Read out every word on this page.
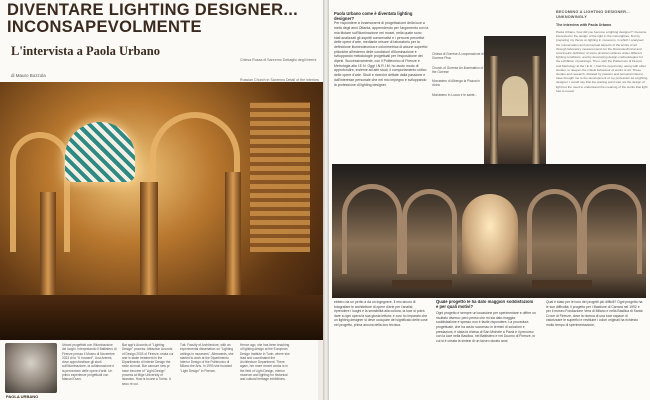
DIVENTARE LIGHTING DESIGNER...
INCONSAPEVOLMENTE
L'intervista a Paola Urbano
di Mauro Bozzola
Chiesa Russa di Sanremo Dettaglio degli interni
Russian Church in Sanremo Detail of the interiors
PAOLA URBANO
Urbani progettisti con l'illuminazione dei luoghi. Interpretando il Battistero di Firenze presso il Museo di Novembre 2023 di la "It. forward". Una Anteris, dove approfondisce gli studi sull'illuminazione, la collaborazione e la percezione delle opere d'arte. Un primo esperienze progettuali con Manuel Dunn.
Bar app's Accords of "Lighting Design" process: Attraction Accords of Design 2003 of Firenze, reaka cur and in stake treatment in the Dipartimento di Interior Design the sede at most. Bar cancure new pr have become of "Light Design" process at Mige University of Islandon. How is boune a Torino. It seou re cui.
Tutt. Faculty of Architecture, with an experimental dissertation on "Lighting ceilings in museums". Afterwards, she started to work at the Dipartimento Interior Design of the Politecnico di Milano the Arts. In 1993 she founded "Light Design" in Firenze.
Hence ago, she has been teaching of lighting design at the European Design Institute in Turin, where she lead and coordinated the Architecture Department. There again, her more recent works is in the field of Light Design, interior museum and lighting for historical and cultural heritage exhibitions.
Paola Urbano come è diventata lighting designer?
Per rispondere a innamorarmi di progettazione della luce a metà degli anni Ottanta, apprendendo per l'argomento con la mia titolare sull'illuminazione nei musei, nella quale sono stati analizzati gli aspetti conservativi e i percorsi percettivi delle opere d'arte, mediante misure di laboratorio per la definizione illuminotecnica e colorimetrica di alcune superfici pittoriche all'esterno delle condizioni d'illuminazione e sviluppando metodologie progettuali per l'esposizione dei dipinti. Successivamente, con il Politecnico di Firenze e Metrologia alla I.E.N. Oggi I.N.R.I.M. ho avuto modo di approfondire, insieme ad altri studi, il comportamento critico delle opere d'arte. Studi e ricerche dettate dalla passione e dall'interesse personale che nel mio impegno e sviluppando la professione di lighting designer.

Chiesa di Gorrese A cooperazione di Gorrese Pisa

Church of Gorrese An illumination of the Gorrese

Monastero di Albenga la Piazza in vicino

Monastero in Lucca e le sante...

ebbero da un perito a da un ingegnere. Il mio lavoro di fotografare le architetture di opere d'arte per l'analisi; riprendere i luoghi e la sensibilità alla cultura, la luce si potrà dare a ogni opera la sua giusta lettura; e così ho imparato che un lighting designer si deve occupare del significato delle cose nel progetto, prima ancora della loro tecnica.
Quale progetto le ha dato maggiori soddisfazioni e per quali motivi?
Ogni progetto è sempre un'occasione per sperimentare e offrire un risultato diverso: però penso che mi sia dato maggior soddisfazione e spesso non è facile rispondere. La procedura progettuale, che ha avuto successo in termini di soluzioni e prestazioni, è stata la chiesa di San Michele a Pavia e il percorso con la luce nella Basilica, nel Battistero e nel Duomo di Firenze, in cui si è creata la sintesi di un lavoro durato anni.
Qual è stato per lei uno dei progetti più difficili? Ogni progetto ha le sue difficoltà; il progetto per i Bastione di Carrara nel 1992 e per il museo Fondazione Vera di Milano e nella Basilica di Santa Croce di Firenze, dove la ricerca di una luce capace di valorizzare le superfici e restituire i colori originali ha richiesto molto tempo di sperimentazione.
BECOMING A LIGHTING DESIGNER... UNKNOWINGLY
The interview with Paola Urbano
Paola Urbano, how did you become a lighting designer? I became interested in the design of the light in the mid-eighties, first by preparing my thesis on lighting in museums, in which I analysed the conservation and perceptual aspects of the works of art through laboratory measurements for the illuminotechnical and colorimetric definition of some pictorial surfaces under different lighting conditions, and by developing design methodologies for the exhibition of paintings. Then, with the Politecnico di Firenze and Metrology at the I.E.N., I had the opportunity, along with other studies, to deepen the critical behaviour of works of art. These studies and research, dictated by passion and personal interest, have brought me to the development of my profession as a lighting designer. I would say that the starting point was not the design of light but the need to understand the meaning of the works that light has to reveal.
